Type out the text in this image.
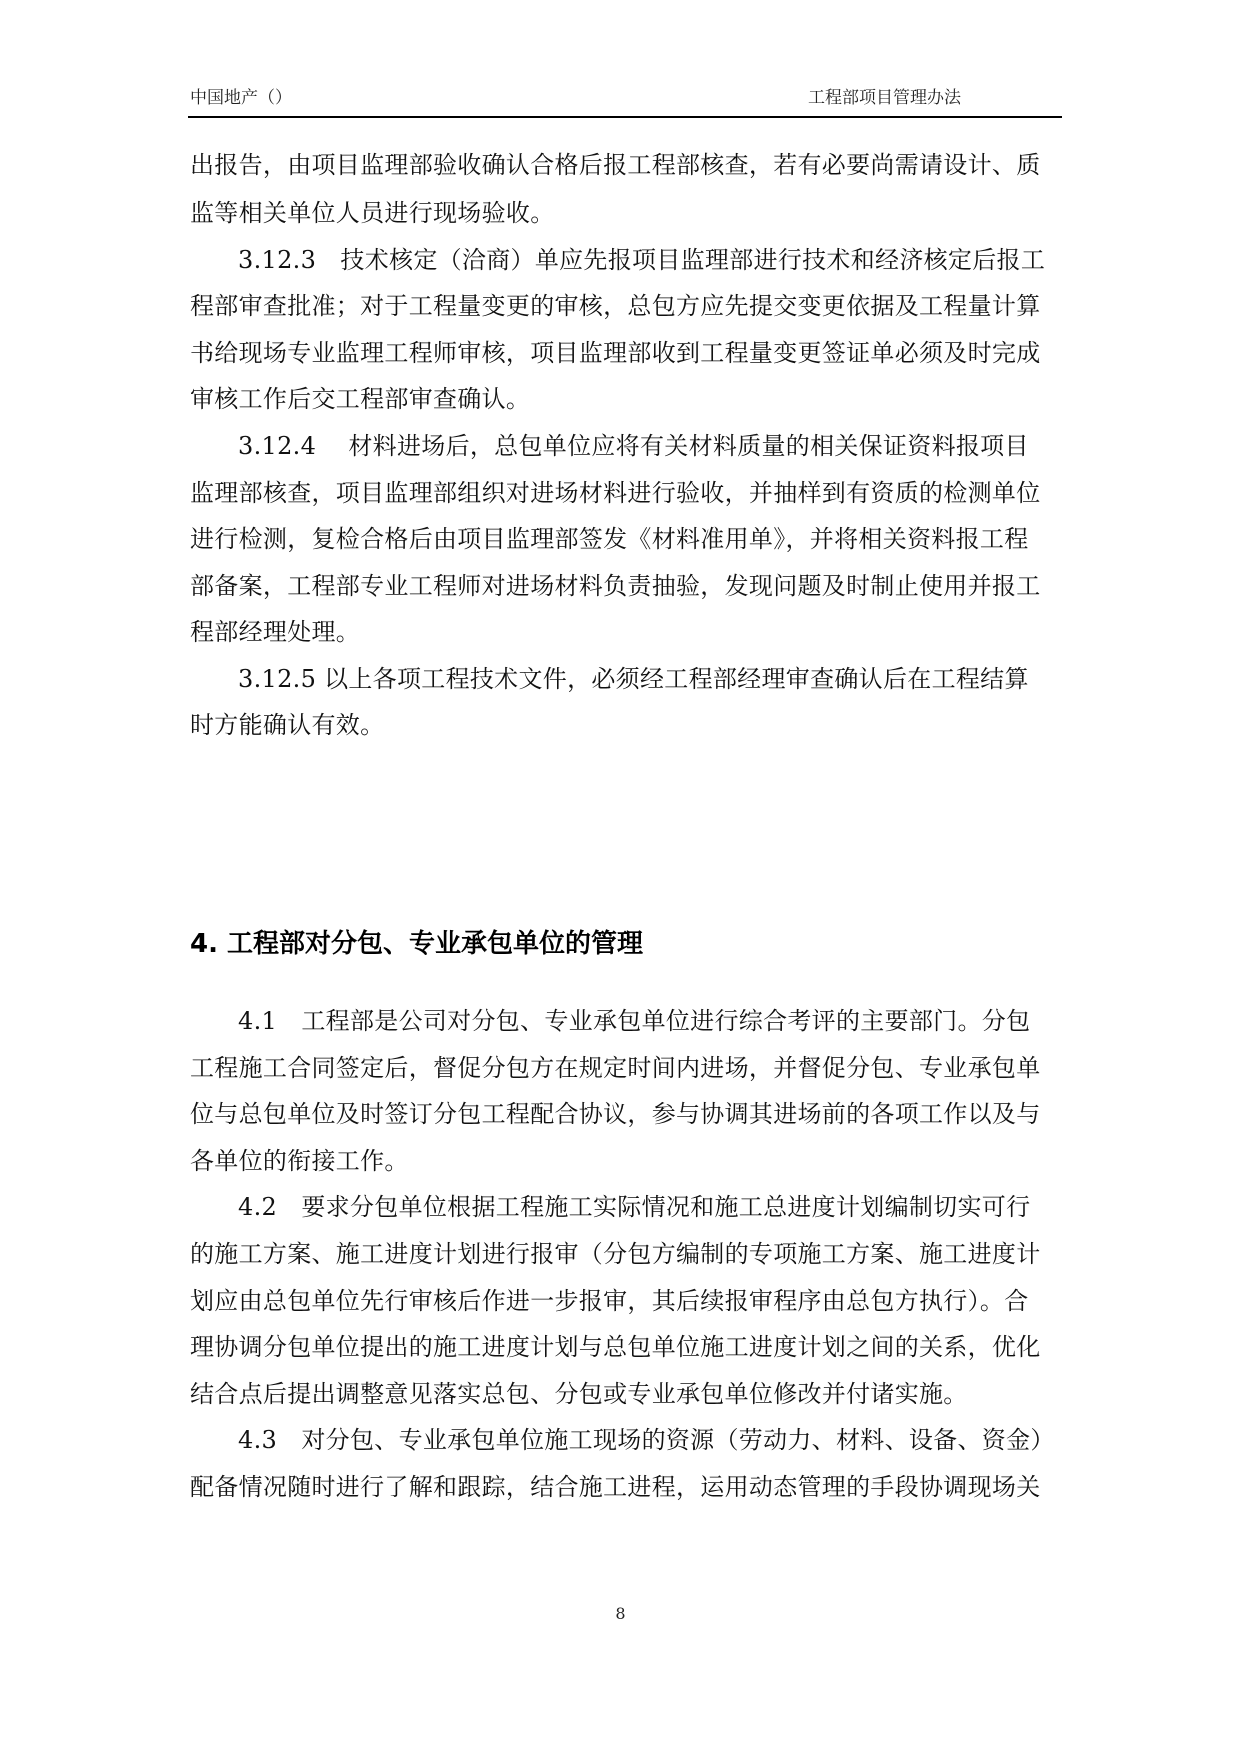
中国地产（）	工程部项目管理办法
出报告，由项目监理部验收确认合格后报工程部核查，若有必要尚需请设计、质
监等相关单位人员进行现场验收。
3.12.3　技术核定（洽商）单应先报项目监理部进行技术和经济核定后报工
程部审查批准；对于工程量变更的审核，总包方应先提交变更依据及工程量计算
书给现场专业监理工程师审核，项目监理部收到工程量变更签证单必须及时完成
审核工作后交工程部审查确认。
3.12.4　 材料进场后，总包单位应将有关材料质量的相关保证资料报项目
监理部核查，项目监理部组织对进场材料进行验收，并抽样到有资质的检测单位
进行检测，复检合格后由项目监理部签发《材料准用单》，并将相关资料报工程
部备案，工程部专业工程师对进场材料负责抽验，发现问题及时制止使用并报工
程部经理处理。
3.12.5 以上各项工程技术文件，必须经工程部经理审查确认后在工程结算
时方能确认有效。
4. 工程部对分包、专业承包单位的管理
4.1　工程部是公司对分包、专业承包单位进行综合考评的主要部门。分包
工程施工合同签定后，督促分包方在规定时间内进场，并督促分包、专业承包单
位与总包单位及时签订分包工程配合协议，参与协调其进场前的各项工作以及与
各单位的衔接工作。
4.2　要求分包单位根据工程施工实际情况和施工总进度计划编制切实可行
的施工方案、施工进度计划进行报审（分包方编制的专项施工方案、施工进度计
划应由总包单位先行审核后作进一步报审，其后续报审程序由总包方执行）。合
理协调分包单位提出的施工进度计划与总包单位施工进度计划之间的关系，优化
结合点后提出调整意见落实总包、分包或专业承包单位修改并付诸实施。
4.3　对分包、专业承包单位施工现场的资源（劳动力、材料、设备、资金）
配备情况随时进行了解和跟踪，结合施工进程，运用动态管理的手段协调现场关
8
